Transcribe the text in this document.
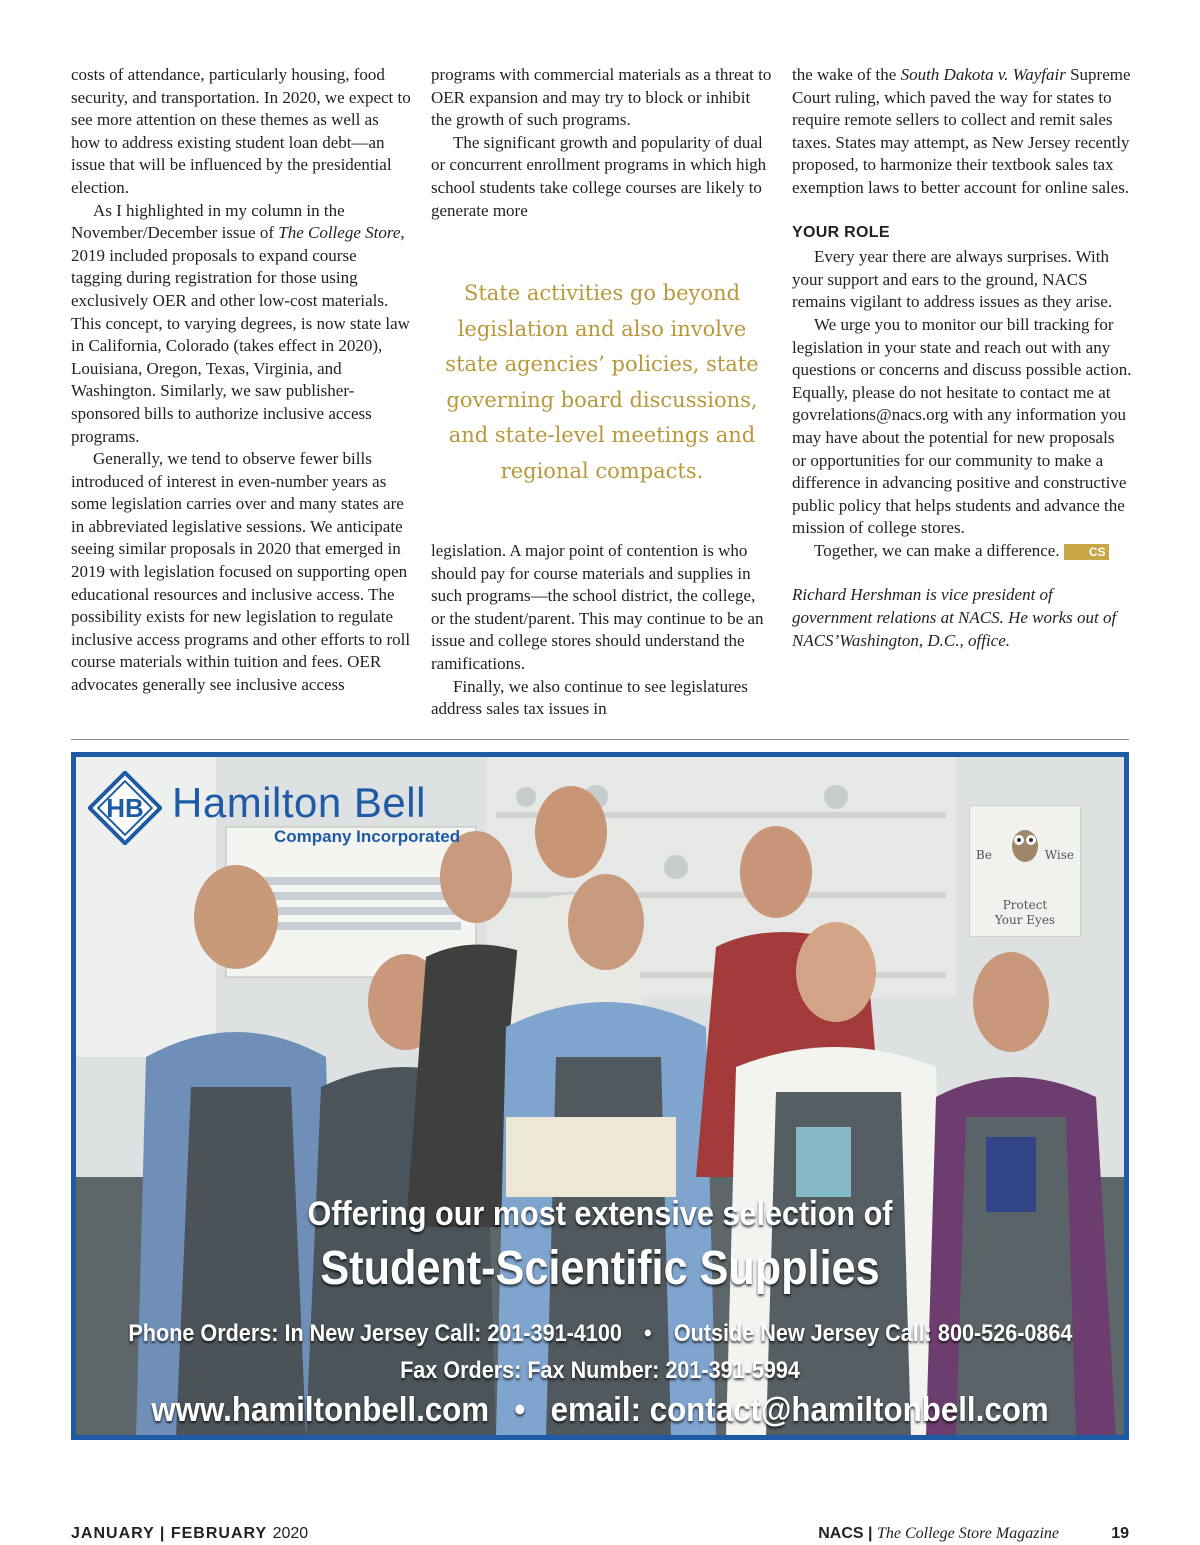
costs of attendance, particularly housing, food security, and transportation. In 2020, we expect to see more attention on these themes as well as how to address existing student loan debt—an issue that will be influenced by the presidential election.

As I highlighted in my column in the November/December issue of The College Store, 2019 included proposals to expand course tagging during registration for those using exclusively OER and other low-cost materials. This concept, to varying degrees, is now state law in California, Colorado (takes effect in 2020), Louisiana, Oregon, Texas, Virginia, and Washington. Similarly, we saw publisher-sponsored bills to authorize inclusive access programs.

Generally, we tend to observe fewer bills introduced of interest in even-number years as some legislation carries over and many states are in abbreviated legislative sessions. We anticipate seeing similar proposals in 2020 that emerged in 2019 with legislation focused on supporting open educational resources and inclusive access. The possibility exists for new legislation to regulate inclusive access programs and other efforts to roll course materials within tuition and fees. OER advocates generally see inclusive access

programs with commercial materials as a threat to OER expansion and may try to block or inhibit the growth of such programs.

The significant growth and popularity of dual or concurrent enrollment programs in which high school students take college courses are likely to generate more

State activities go beyond legislation and also involve state agencies’ policies, state governing board discussions, and state-level meetings and regional compacts.

legislation. A major point of contention is who should pay for course materials and supplies in such programs—the school district, the college, or the student/parent. This may continue to be an issue and college stores should understand the ramifications.

Finally, we also continue to see legislatures address sales tax issues in

the wake of the South Dakota v. Wayfair Supreme Court ruling, which paved the way for states to require remote sellers to collect and remit sales taxes. States may attempt, as New Jersey recently proposed, to harmonize their textbook sales tax exemption laws to better account for online sales.

YOUR ROLE

Every year there are always surprises. With your support and ears to the ground, NACS remains vigilant to address issues as they arise.

We urge you to monitor our bill tracking for legislation in your state and reach out with any questions or concerns and discuss possible action. Equally, please do not hesitate to contact me at govrelations@nacs.org with any information you may have about the potential for new proposals or opportunities for our community to make a difference in advancing positive and constructive public policy that helps students and advance the mission of college stores.

Together, we can make a difference. CS

Richard Hershman is vice president of government relations at NACS. He works out of NACS’Washington, D.C., office.

HB Hamilton Bell
Company Incorporated
Be	Wise
Protect
Your Eyes
Offering our most extensive selection of
Student-Scientific Supplies
Phone Orders: In New Jersey Call: 201-391-4100 • Outside New Jersey Call: 800-526-0864
Fax Orders: Fax Number: 201-391-5994
www.hamiltonbell.com • email: contact@hamiltonbell.com
JANUARY | FEBRUARY 2020	NACS | The College Store Magazine	19
